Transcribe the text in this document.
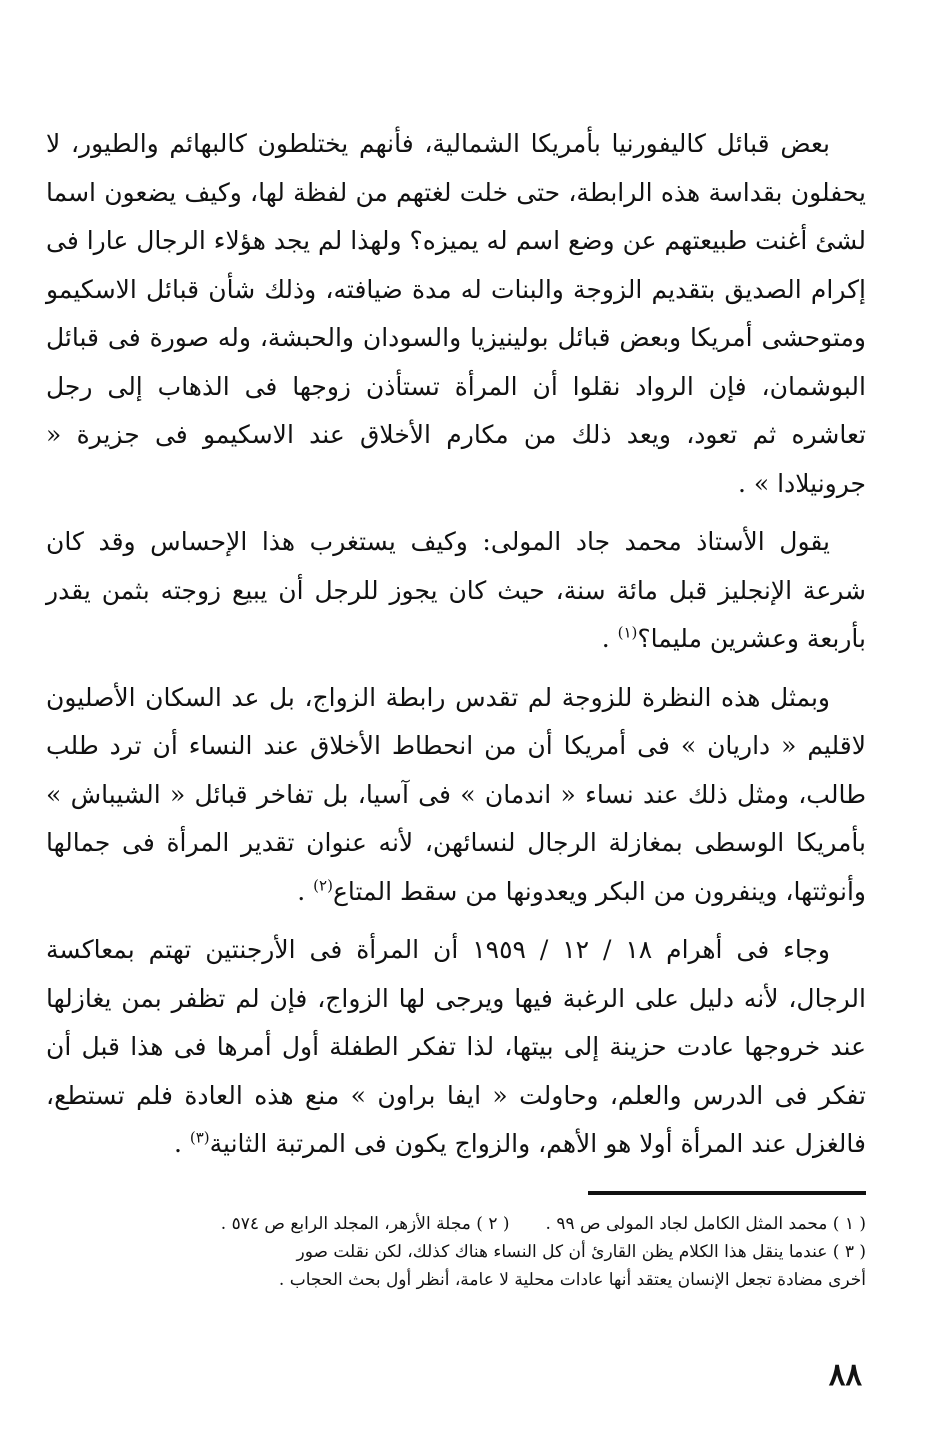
بعض قبائل كاليفورنيا بأمريكا الشمالية، فأنهم يختلطون كالبهائم والطيور، لا يحفلون بقداسة هذه الرابطة، حتى خلت لغتهم من لفظة لها، وكيف يضعون اسما لشئ أغنت طبيعتهم عن وضع اسم له يميزه؟ ولهذا لم يجد هؤلاء الرجال عارا فى إكرام الصديق بتقديم الزوجة والبنات له مدة ضيافته، وذلك شأن قبائل الاسكيمو ومتوحشى أمريكا وبعض قبائل بولينيزيا والسودان والحبشة، وله صورة فى قبائل البوشمان، فإن الرواد نقلوا أن المرأة تستأذن زوجها فى الذهاب إلى رجل تعاشره ثم تعود، ويعد ذلك من مكارم الأخلاق عند الاسكيمو فى جزيرة « جرونيلادا » .

يقول الأستاذ محمد جاد المولى: وكيف يستغرب هذا الإحساس وقد كان شرعة الإنجليز قبل مائة سنة، حيث كان يجوز للرجل أن يبيع زوجته بثمن يقدر بأربعة وعشرين مليما؟$^{(١)}$ .

وبمثل هذه النظرة للزوجة لم تقدس رابطة الزواج، بل عد السكان الأصليون لاقليم « داريان » فى أمريكا أن من انحطاط الأخلاق عند النساء أن ترد طلب طالب، ومثل ذلك عند نساء « اندمان » فى آسيا، بل تفاخر قبائل « الشيباش » بأمريكا الوسطى بمغازلة الرجال لنسائهن، لأنه عنوان تقدير المرأة فى جمالها وأنوثتها، وينفرون من البكر ويعدونها من سقط المتاع$^{(٢)}$ .

وجاء فى أهرام ١٨ / ١٢ / ١٩٥٩ أن المرأة فى الأرجنتين تهتم بمعاكسة الرجال، لأنه دليل على الرغبة فيها ويرجى لها الزواج، فإن لم تظفر بمن يغازلها عند خروجها عادت حزينة إلى بيتها، لذا تفكر الطفلة أول أمرها فى هذا قبل أن تفكر فى الدرس والعلم، وحاولت « ايفا براون » منع هذه العادة فلم تستطع، فالغزل عند المرأة أولا هو الأهم، والزواج يكون فى المرتبة الثانية$^{(٣)}$ .

( ١ ) محمد المثل الكامل لجاد المولى ص ٩٩ .( ٢ ) مجلة الأزهر، المجلد الرابع ص ٥٧٤ .

( ٣ ) عندما ينقل هذا الكلام يظن القارئ أن كل النساء هناك كذلك، لكن نقلت صور

أخرى مضادة تجعل الإنسان يعتقد أنها عادات محلية لا عامة، أنظر أول بحث الحجاب .

٨٨
